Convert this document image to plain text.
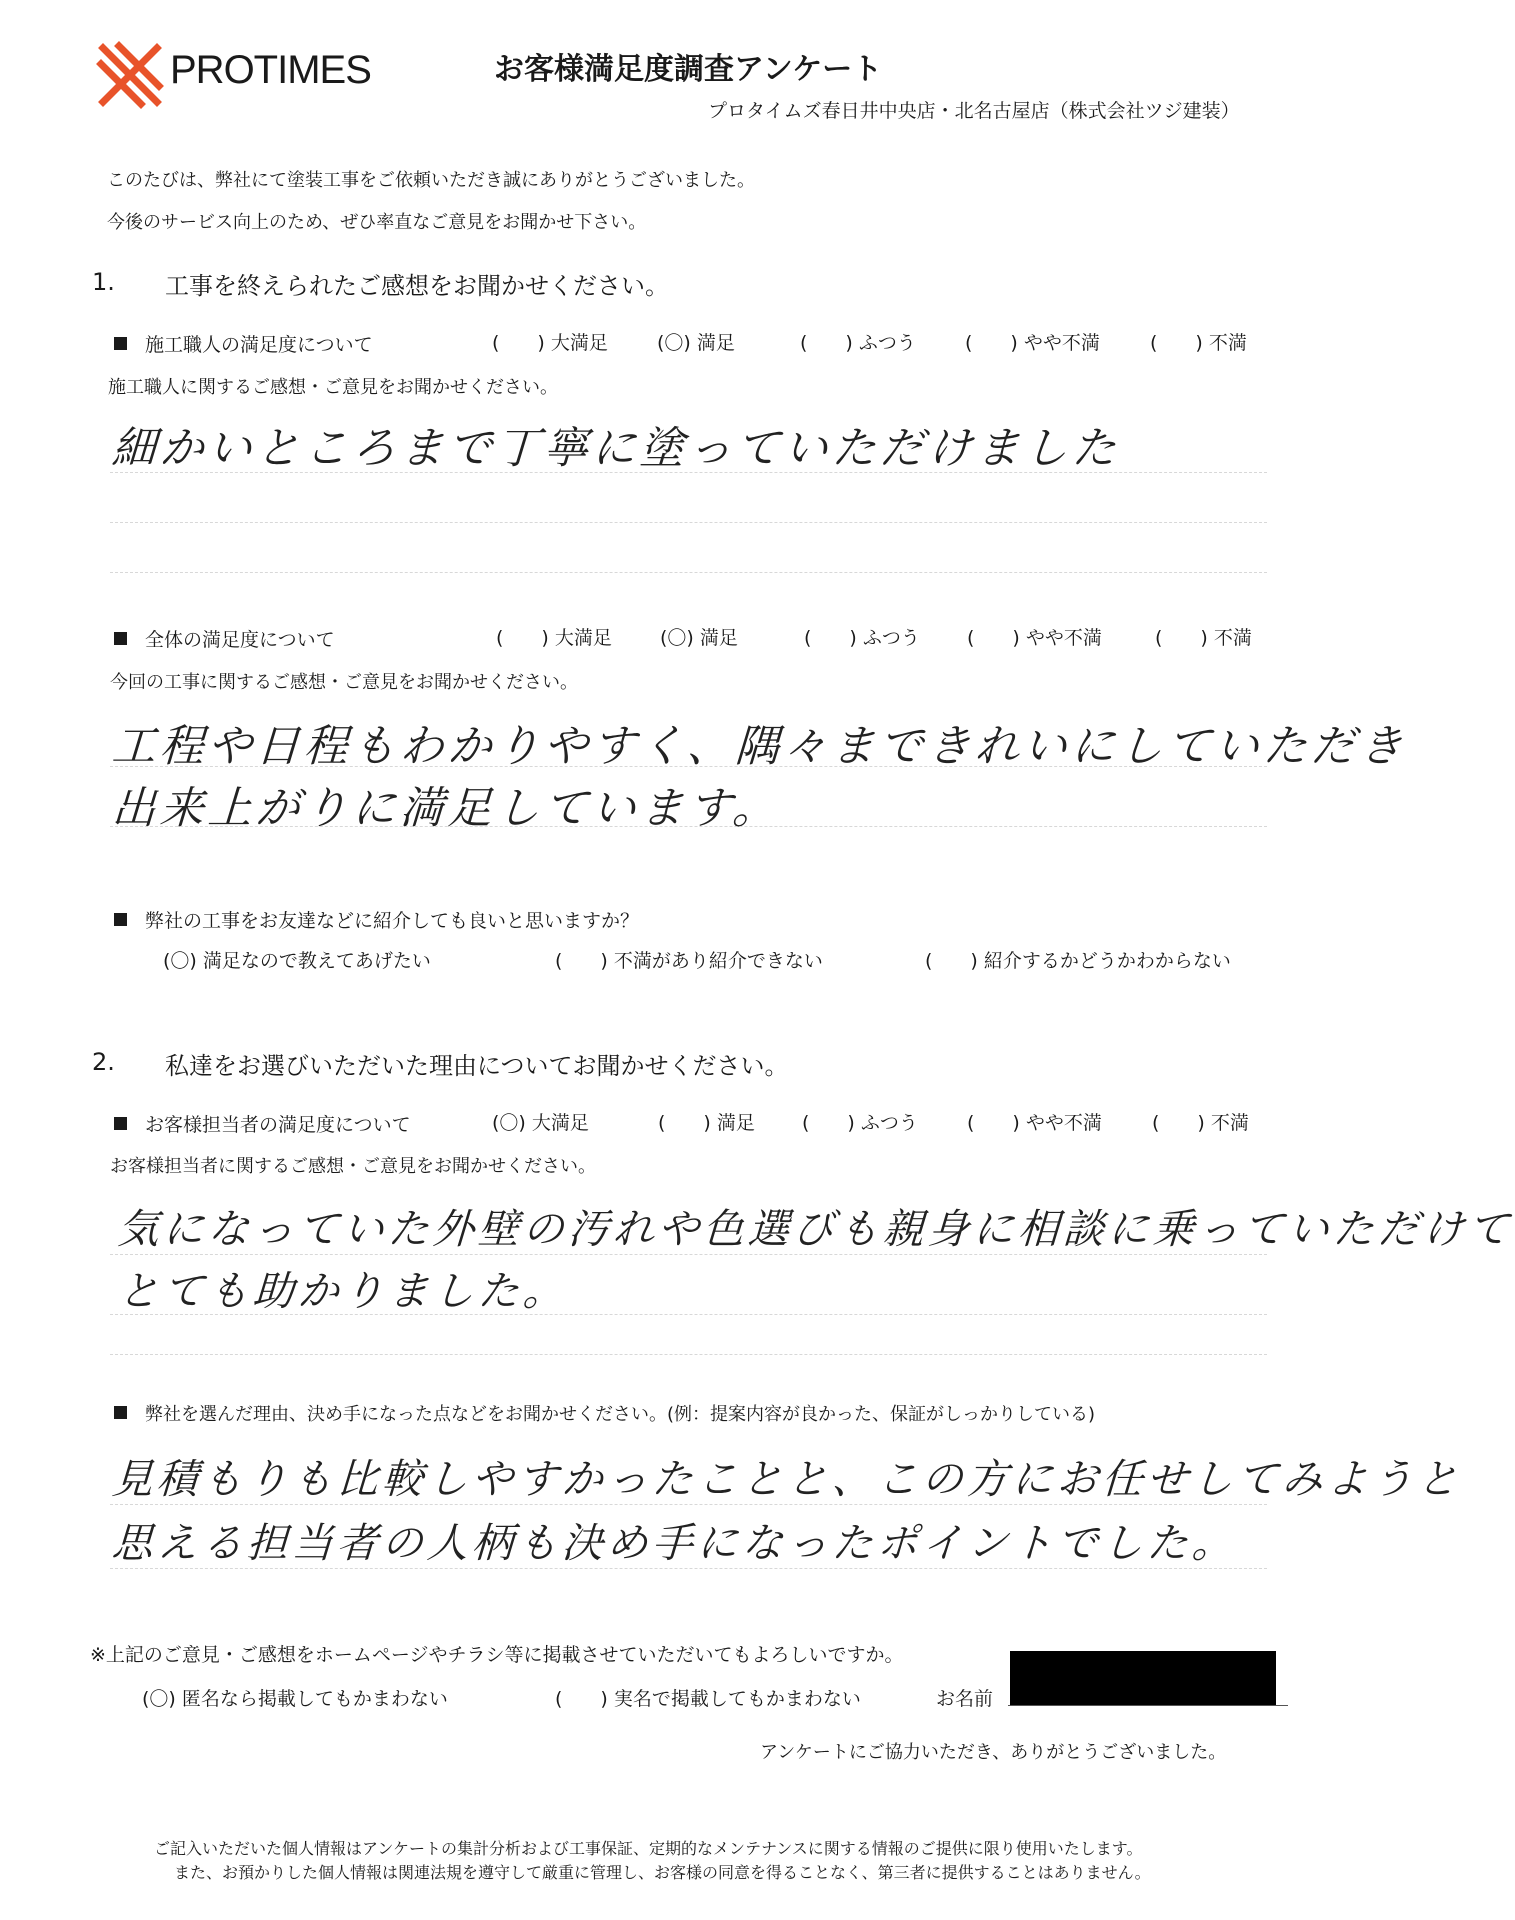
PROTIMES	お客様満足度調査アンケート
プロタイムズ春日井中央店・北名古屋店（株式会社ツジ建装）
このたびは、弊社にて塗装工事をご依頼いただき誠にありがとうございました。
今後のサービス向上のため、ぜひ率直なご意見をお聞かせ下さい。
1. 工事を終えられたご感想をお聞かせください。
施工職人の満足度について	(　　) 大満足	(〇) 満足	(　　) ふつう	(　　) やや不満	(　　) 不満
施工職人に関するご感想・ご意見をお聞かせください。
細かいところまで丁寧に塗っていただけました
全体の満足度について	(　　) 大満足	(〇) 満足	(　　) ふつう (　　) やや不満	(　　) 不満
今回の工事に関するご感想・ご意見をお聞かせください。
工程や日程もわかりやすく、隅々まできれいにしていただき
出来上がりに満足しています。
弊社の工事をお友達などに紹介しても良いと思いますか？
(〇) 満足なので教えてあげたい	(　　) 不満があり紹介できない	(　　) 紹介するかどうかわからない
2. 私達をお選びいただいた理由についてお聞かせください。
お客様担当者の満足度について	(〇) 大満足	(　　) 満足 (　　) ふつう	(　　) やや不満	(　　) 不満
お客様担当者に関するご感想・ご意見をお聞かせください。
気になっていた外壁の汚れや色選びも親身に相談に乗っていただけて
とても助かりました。
弊社を選んだ理由、決め手になった点などをお聞かせください。(例：提案内容が良かった、保証がしっかりしている)
見積もりも比較しやすかったことと、この方にお任せしてみようと
思える担当者の人柄も決め手になったポイントでした。
※上記のご意見・ご感想をホームページやチラシ等に掲載させていただいてもよろしいですか。
(〇) 匿名なら掲載してもかまわない	(　　) 実名で掲載してもかまわない	お名前
アンケートにご協力いただき、ありがとうございました。
ご記入いただいた個人情報はアンケートの集計分析および工事保証、定期的なメンテナンスに関する情報のご提供に限り使用いたします。
また、お預かりした個人情報は関連法規を遵守して厳重に管理し、お客様の同意を得ることなく、第三者に提供することはありません。
